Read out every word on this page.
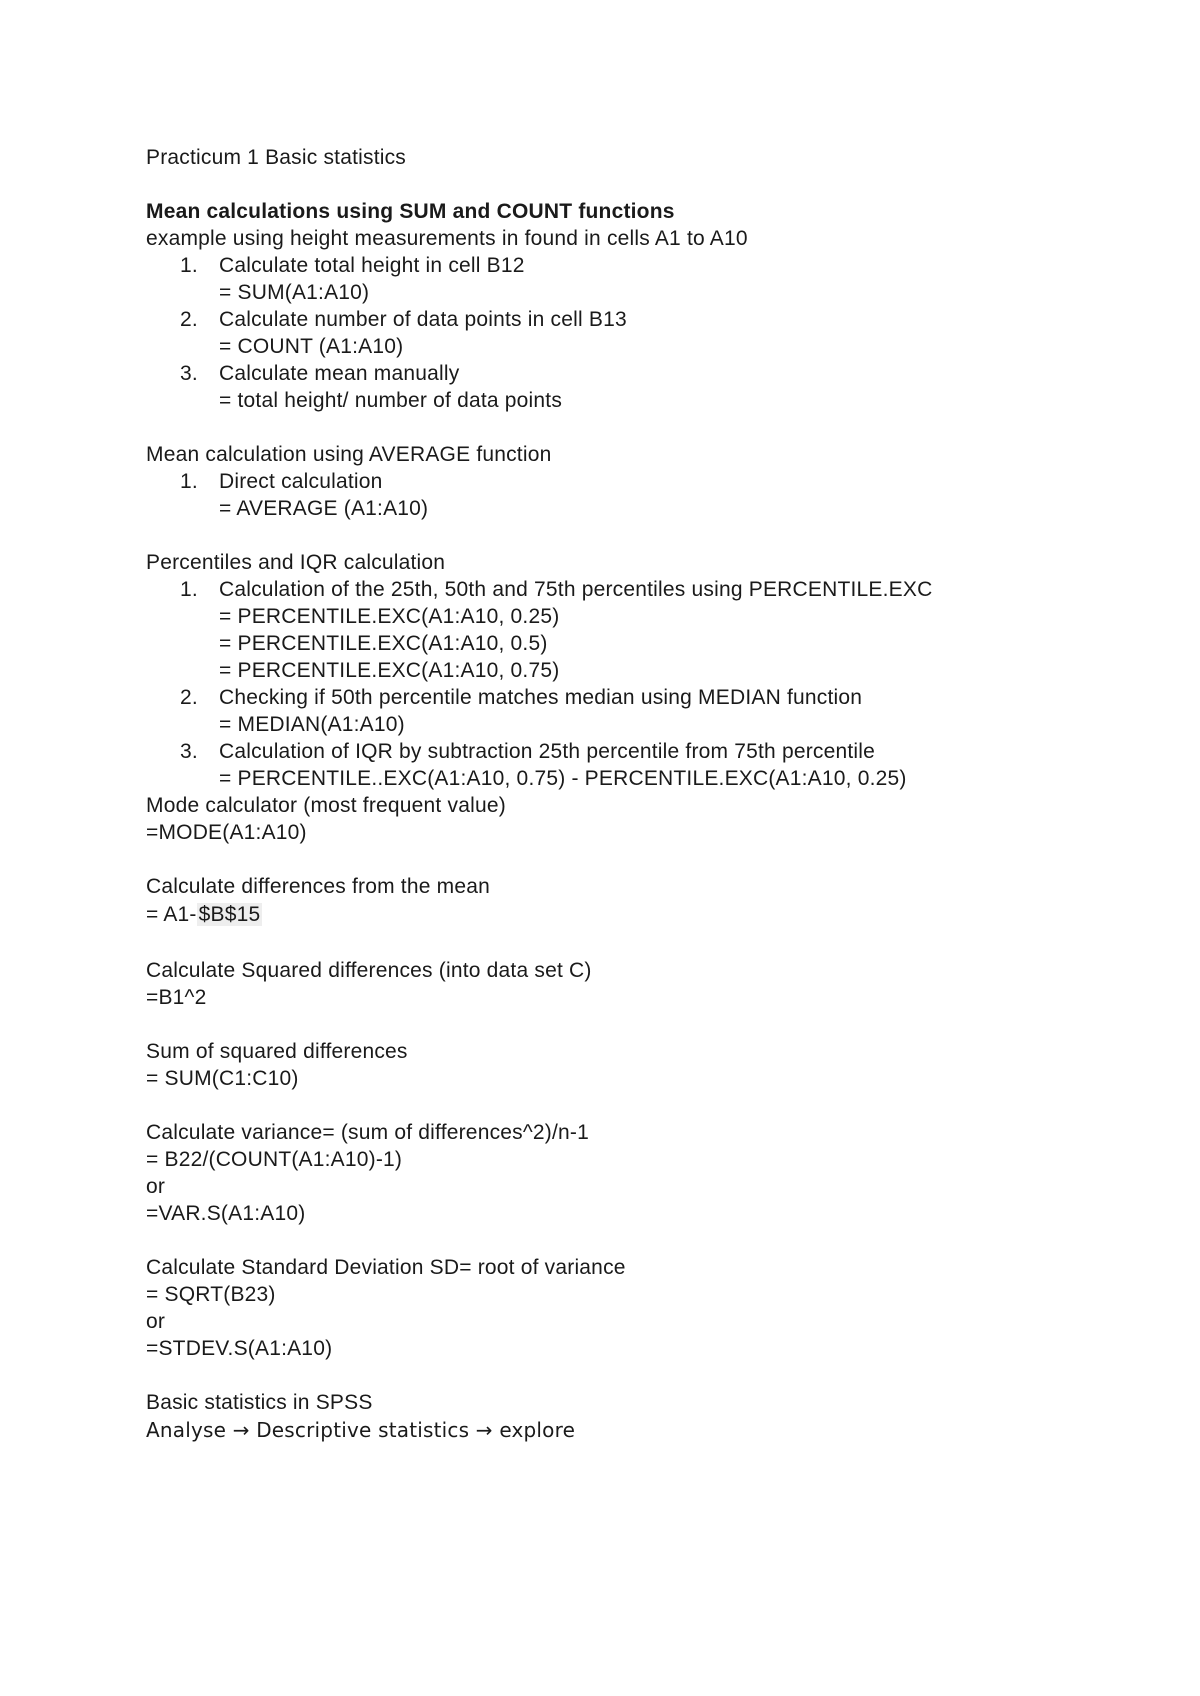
Practicum 1 Basic statistics
Mean calculations using SUM and COUNT functions
example using height measurements in found in cells A1 to A10
1.	Calculate total height in cell B12
= SUM(A1:A10)
2.	Calculate number of data points in cell B13
= COUNT (A1:A10)
3.	Calculate mean manually
= total height/ number of data points
Mean calculation using AVERAGE function
1.	Direct calculation
= AVERAGE (A1:A10)
Percentiles and IQR calculation
1.	Calculation of the 25th, 50th and 75th percentiles using PERCENTILE.EXC
= PERCENTILE.EXC(A1:A10, 0.25)
= PERCENTILE.EXC(A1:A10, 0.5)
= PERCENTILE.EXC(A1:A10, 0.75)
2.	Checking if 50th percentile matches median using MEDIAN function
= MEDIAN(A1:A10)
3.	Calculation of IQR by subtraction 25th percentile from 75th percentile
= PERCENTILE..EXC(A1:A10, 0.75) - PERCENTILE.EXC(A1:A10, 0.25)
Mode calculator (most frequent value)
=MODE(A1:A10)
Calculate differences from the mean
= A1-$B$15
Calculate Squared differences (into data set C)
=B1^2
Sum of squared differences
= SUM(C1:C10)
Calculate variance= (sum of differences^2)/n-1
= B22/(COUNT(A1:A10)-1)
or
=VAR.S(A1:A10)
Calculate Standard Deviation SD= root of variance
= SQRT(B23)
or
=STDEV.S(A1:A10)
Basic statistics in SPSS
Analyse → Descriptive statistics → explore
